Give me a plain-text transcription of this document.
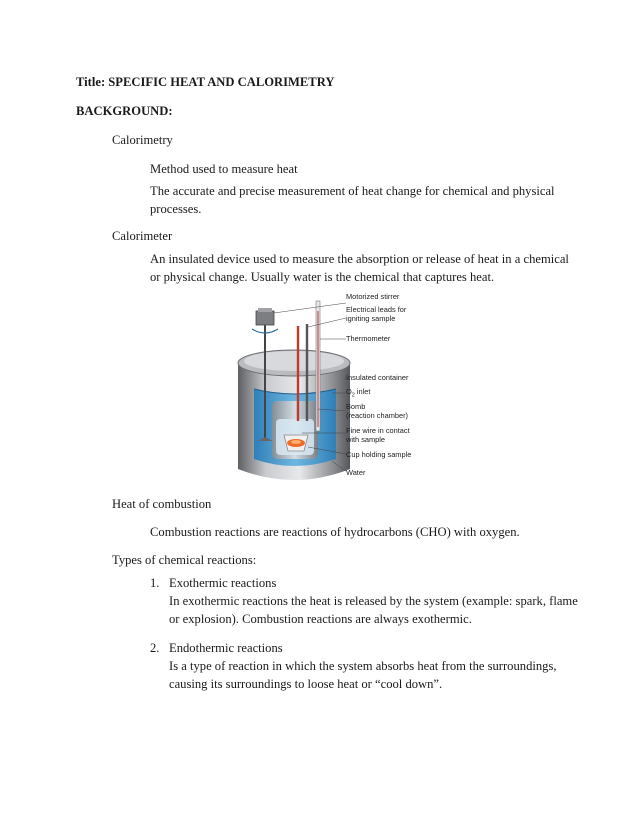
Title: SPECIFIC HEAT AND CALORIMETRY
BACKGROUND:
Calorimetry
Method used to measure heat
The accurate and precise measurement of heat change for chemical and physical
processes.
Calorimeter
An insulated device used to measure the absorption or release of heat in a chemical
or physical change. Usually water is the chemical that captures heat.
Motorized stirrer
Electrical leads for
igniting sample
Thermometer
Insulated container
$O_2$ inlet
Bomb
(reaction chamber)
Fine wire in contact
with sample
Cup holding sample
Water
Heat of combustion
Combustion reactions are reactions of hydrocarbons (CHO) with oxygen.
Types of chemical reactions:
1. Exothermic reactions
In exothermic reactions the heat is released by the system (example: spark, flame
or explosion). Combustion reactions are always exothermic.
2. Endothermic reactions
Is a type of reaction in which the system absorbs heat from the surroundings,
causing its surroundings to loose heat or “cool down”.
